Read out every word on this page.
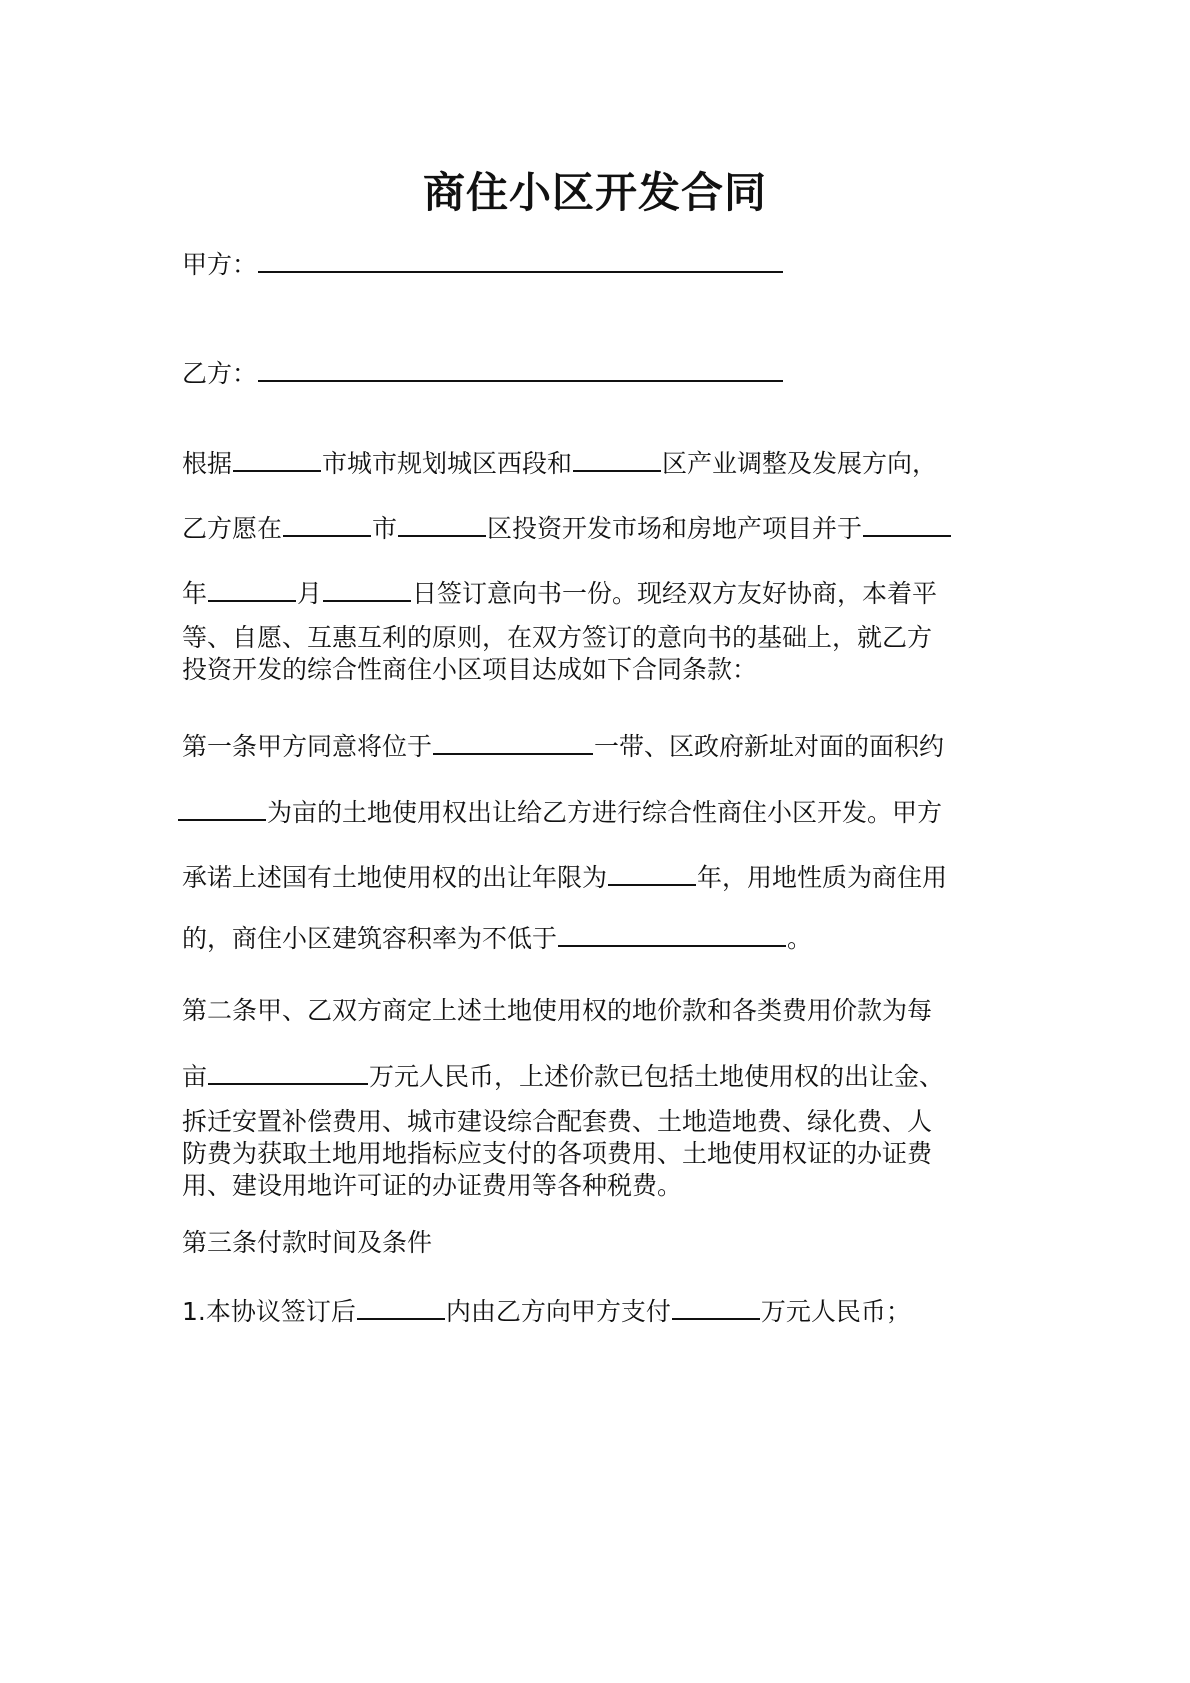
商住小区开发合同
甲方：
乙方：
根据	市城市规划城区西段和	区产业调整及发展方向，
乙方愿在	市	区投资开发市场和房地产项目并于
年	月	日签订意向书一份。现经双方友好协商，本着平
等、自愿、互惠互利的原则，在双方签订的意向书的基础上，就乙方
投资开发的综合性商住小区项目达成如下合同条款：
第一条甲方同意将位于	一带、区政府新址对面的面积约
为亩的土地使用权出让给乙方进行综合性商住小区开发。甲方
承诺上述国有土地使用权的出让年限为	年，用地性质为商住用
的，商住小区建筑容积率为不低于	。
第二条甲、乙双方商定上述土地使用权的地价款和各类费用价款为每
亩	万元人民币，上述价款已包括土地使用权的出让金、
拆迁安置补偿费用、城市建设综合配套费、土地造地费、绿化费、人
防费为获取土地用地指标应支付的各项费用、土地使用权证的办证费
用、建设用地许可证的办证费用等各种税费。
第三条付款时间及条件
1.本协议签订后	内由乙方向甲方支付	万元人民币；
